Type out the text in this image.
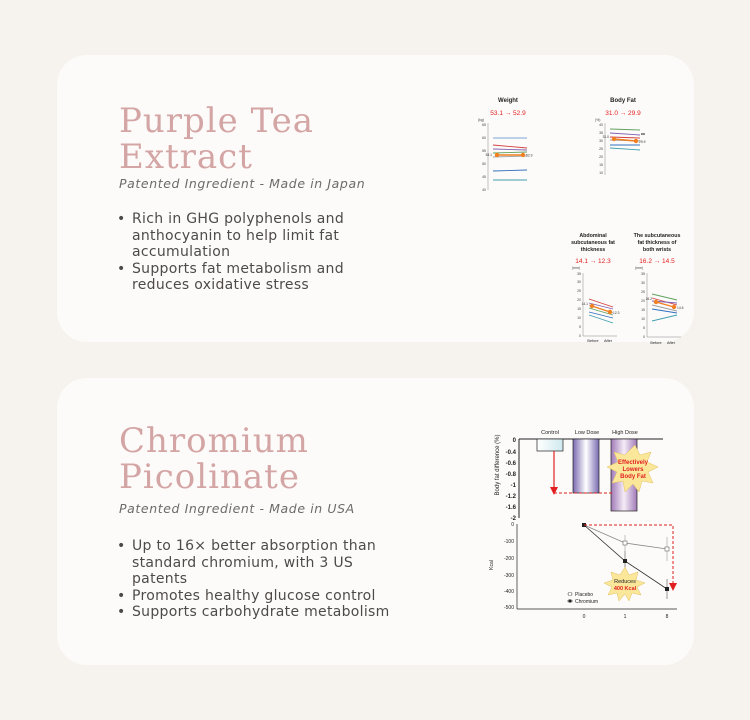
Purple Tea
Extract
Patented Ingredient - Made in Japan
• Rich in GHG polyphenols and anthocyanin to help limit fat accumulation
• Supports fat metabolism and reduces oxidative stress
Weight
53.1 → 52.9
(kg)
65
60
55
50
45
40
53.1	52.9
Body Fat
31.0 → 29.9
(%)
40
35
30
25
20
15
10
31.0
29.9
**
Abdominal
subcutaneous fat
thickness
14.1 → 12.3
(mm)
35
30
25
20
15
10
5
0
14.1
12.3
Before After
The subcutaneous
fat thickness of
both wrists
16.2 → 14.5
(mm)
35
30
25
20
15
10
5
0
16.2
14.5
Before After
Chromium
Picolinate
Patented Ingredient - Made in USA
• Up to 16× better absorption than standard chromium, with 3 US patents
• Promotes healthy glucose control
• Supports carbohydrate metabolism
Body fat difference (%) 0
-0.4
-0.6
-0.8
-1
-1.2
-1.6
-2
Control	Low Dose High Dose
Effectively
Lowers
Body Fat
Kcal
0
-100
-200
-300
-400
-500
0	1	8
Placebo
Chromium
Reduces
400 Kcal
